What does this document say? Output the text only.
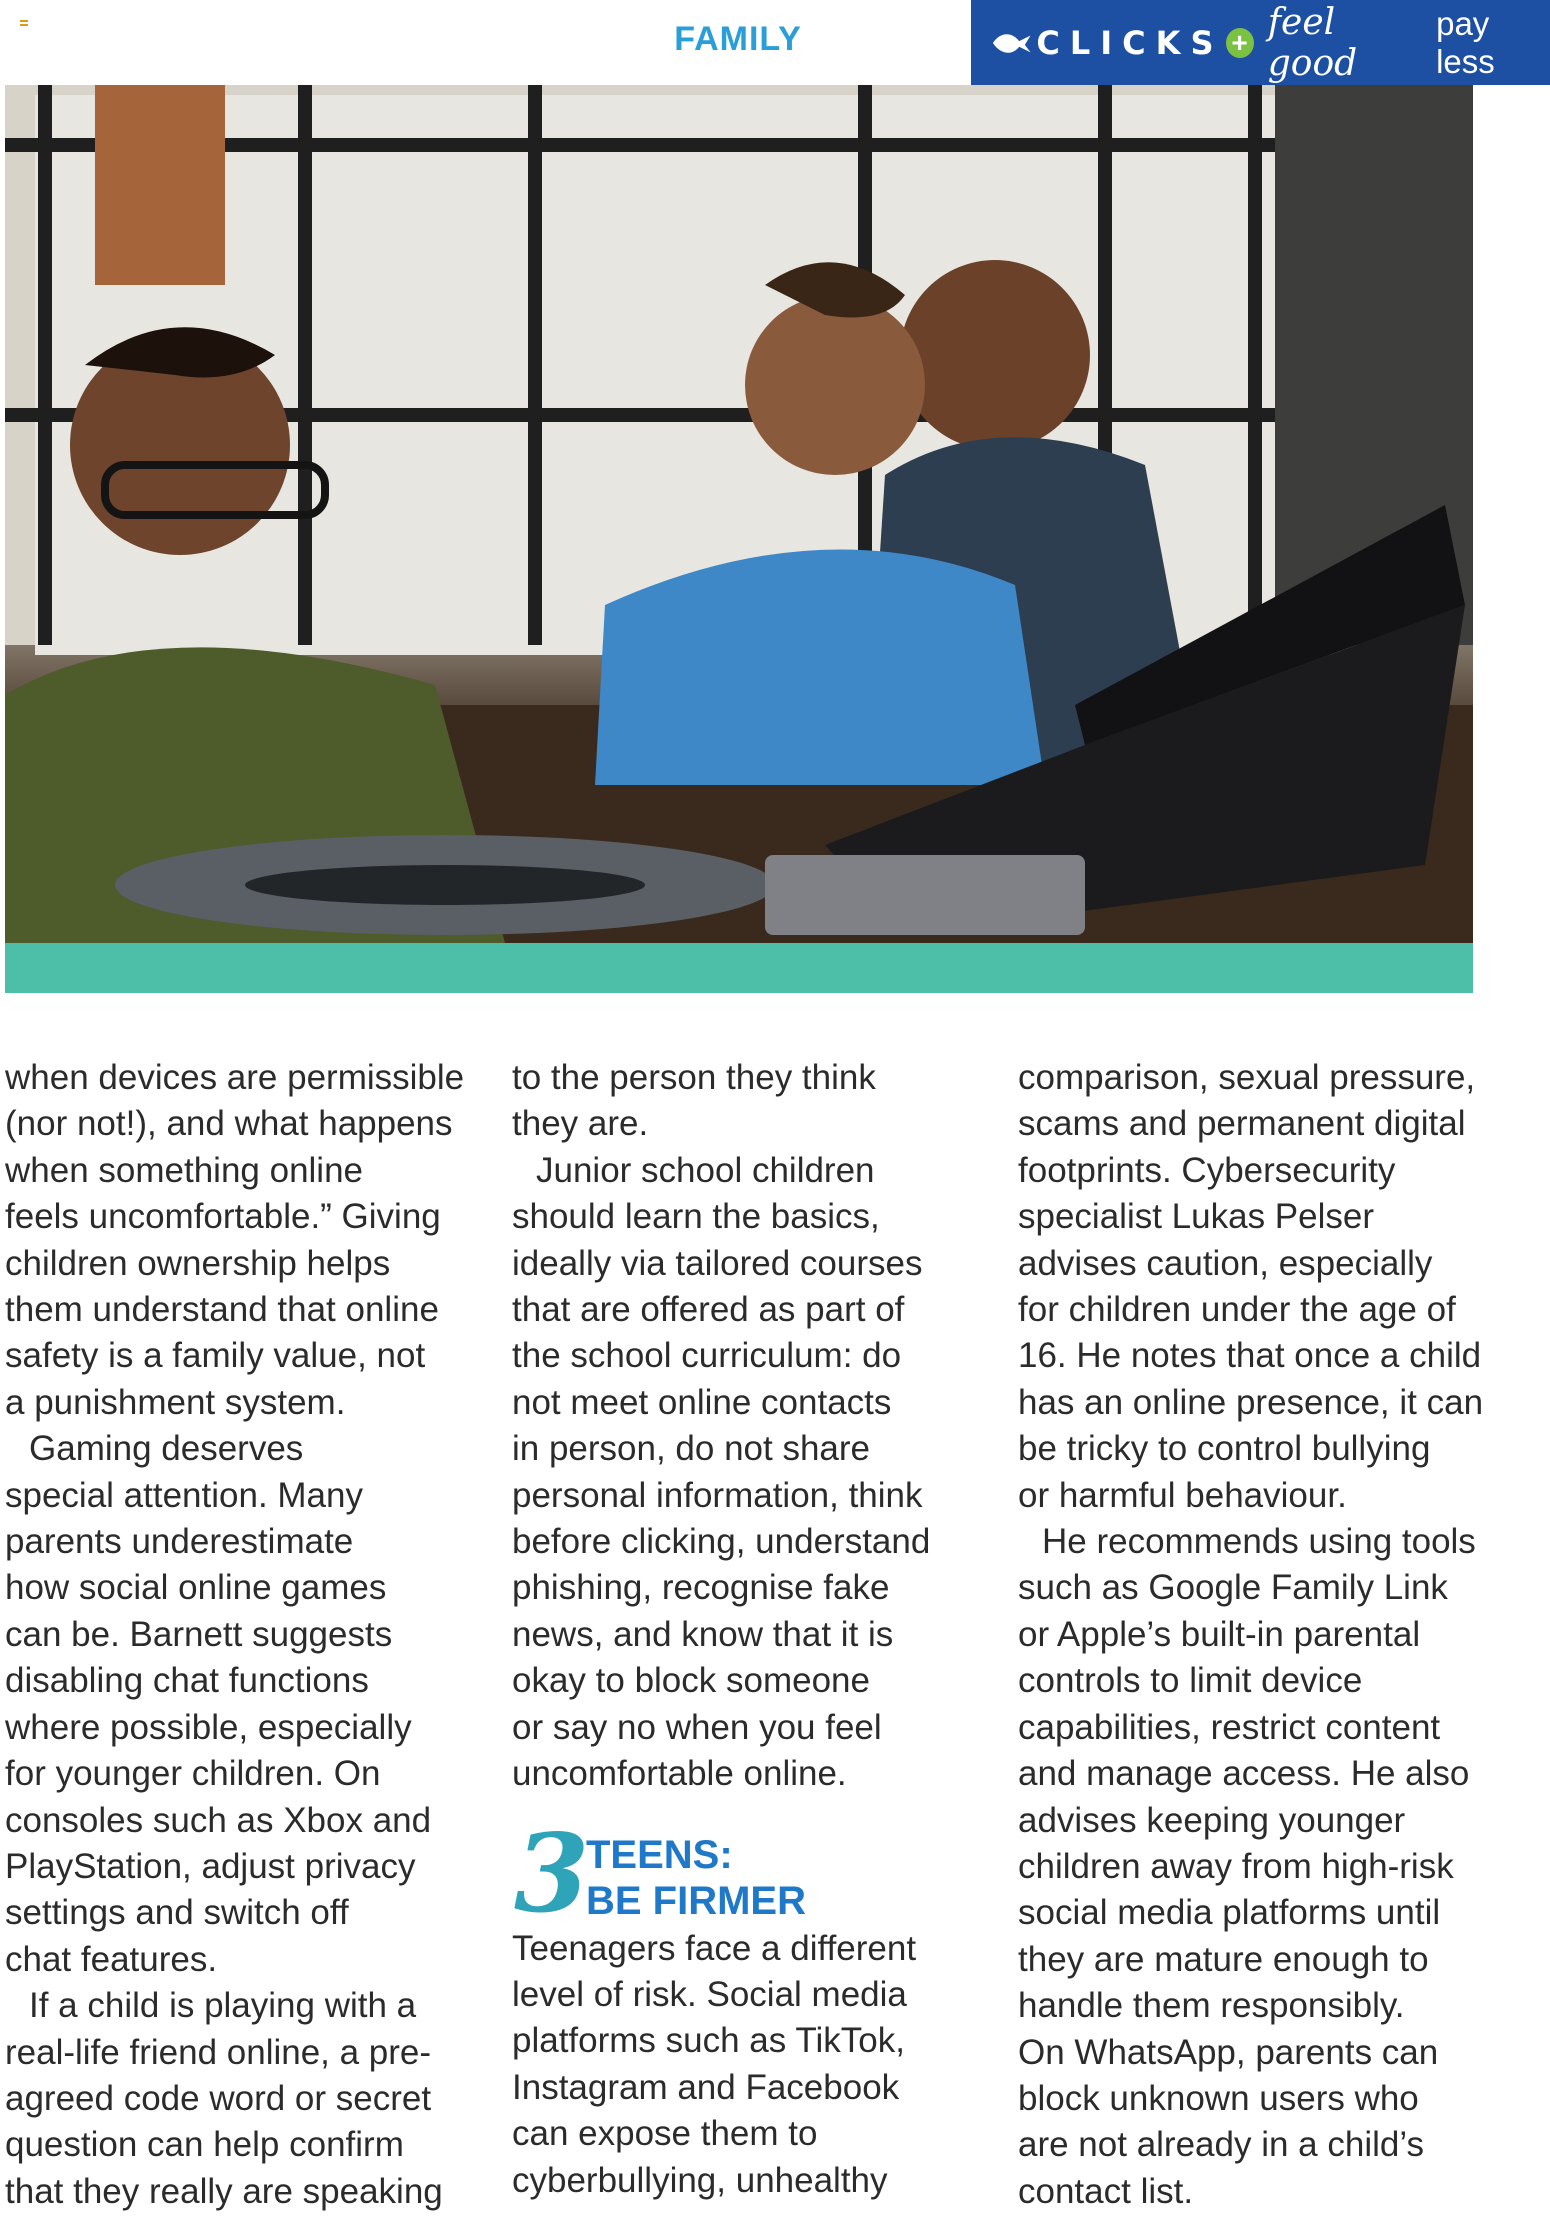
FAMILY	CLICKS + feel good
pay less
when devices are permissible
(nor not!), and what happens
when something online
feels uncomfortable.” Giving
children ownership helps
them understand that online
safety is a family value, not
a punishment system.
Gaming deserves
special attention. Many
parents underestimate
how social online games
can be. Barnett suggests
disabling chat functions
where possible, especially
for younger children. On
consoles such as Xbox and
PlayStation, adjust privacy
settings and switch off
chat features.
If a child is playing with a
real-life friend online, a pre-
agreed code word or secret
question can help confirm
that they really are speaking
to the person they think
they are.
Junior school children
should learn the basics,
ideally via tailored courses
that are offered as part of
the school curriculum: do
not meet online contacts
in person, do not share
personal information, think
before clicking, understand
phishing, recognise fake
news, and know that it is
okay to block someone
or say no when you feel
uncomfortable online.
3
TEENS:
BE FIRMER
Teenagers face a different
level of risk. Social media
platforms such as TikTok,
Instagram and Facebook
can expose them to
cyberbullying, unhealthy
comparison, sexual pressure,
scams and permanent digital
footprints. Cybersecurity
specialist Lukas Pelser
advises caution, especially
for children under the age of
16. He notes that once a child
has an online presence, it can
be tricky to control bullying
or harmful behaviour.
He recommends using tools
such as Google Family Link
or Apple’s built-in parental
controls to limit device
capabilities, restrict content
and manage access. He also
advises keeping younger
children away from high-risk
social media platforms until
they are mature enough to
handle them responsibly.
On WhatsApp, parents can
block unknown users who
are not already in a child’s
contact list.
